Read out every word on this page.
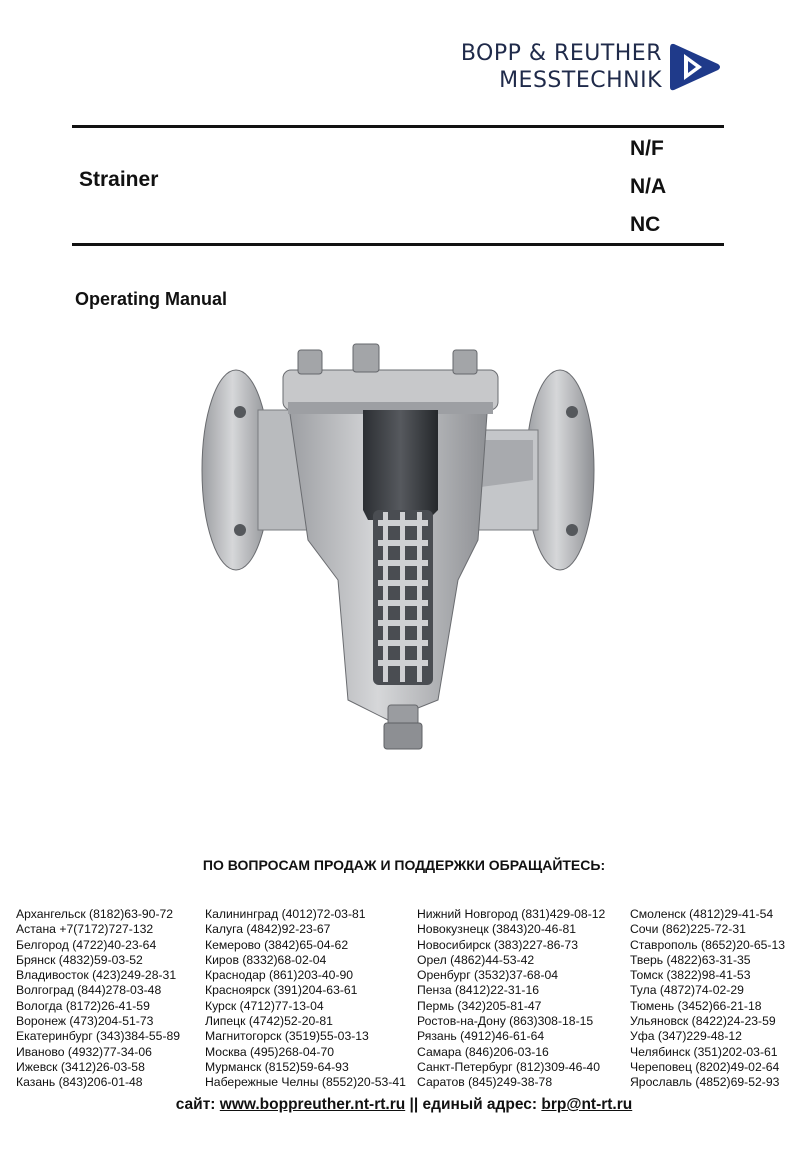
BOPP & REUTHER
MESSTECHNIK
Strainer
N/F
N/A
NC
Operating Manual
ПО ВОПРОСАМ ПРОДАЖ И ПОДДЕРЖКИ ОБРАЩАЙТЕСЬ:
Архангельск (8182)63-90-72
Астана +7(7172)727-132
Белгород (4722)40-23-64
Брянск (4832)59-03-52
Владивосток (423)249-28-31
Волгоград (844)278-03-48
Вологда (8172)26-41-59
Воронеж (473)204-51-73
Екатеринбург (343)384-55-89
Иваново (4932)77-34-06
Ижевск (3412)26-03-58
Казань (843)206-01-48
Калининград (4012)72-03-81
Калуга (4842)92-23-67
Кемерово (3842)65-04-62
Киров (8332)68-02-04
Краснодар (861)203-40-90
Красноярск (391)204-63-61
Курск (4712)77-13-04
Липецк (4742)52-20-81
Магнитогорск (3519)55-03-13
Москва (495)268-04-70
Мурманск (8152)59-64-93
Набережные Челны (8552)20-53-41
Нижний Новгород (831)429-08-12
Новокузнецк (3843)20-46-81
Новосибирск (383)227-86-73
Орел (4862)44-53-42
Оренбург (3532)37-68-04
Пенза (8412)22-31-16
Пермь (342)205-81-47
Ростов-на-Дону (863)308-18-15
Рязань (4912)46-61-64
Самара (846)206-03-16
Санкт-Петербург (812)309-46-40
Саратов (845)249-38-78
Смоленск (4812)29-41-54
Сочи (862)225-72-31
Ставрополь (8652)20-65-13
Тверь (4822)63-31-35
Томск (3822)98-41-53
Тула (4872)74-02-29
Тюмень (3452)66-21-18
Ульяновск (8422)24-23-59
Уфа (347)229-48-12
Челябинск (351)202-03-61
Череповец (8202)49-02-64
Ярославль (4852)69-52-93
сайт: www.boppreuther.nt-rt.ru || единый адрес: brp@nt-rt.ru
